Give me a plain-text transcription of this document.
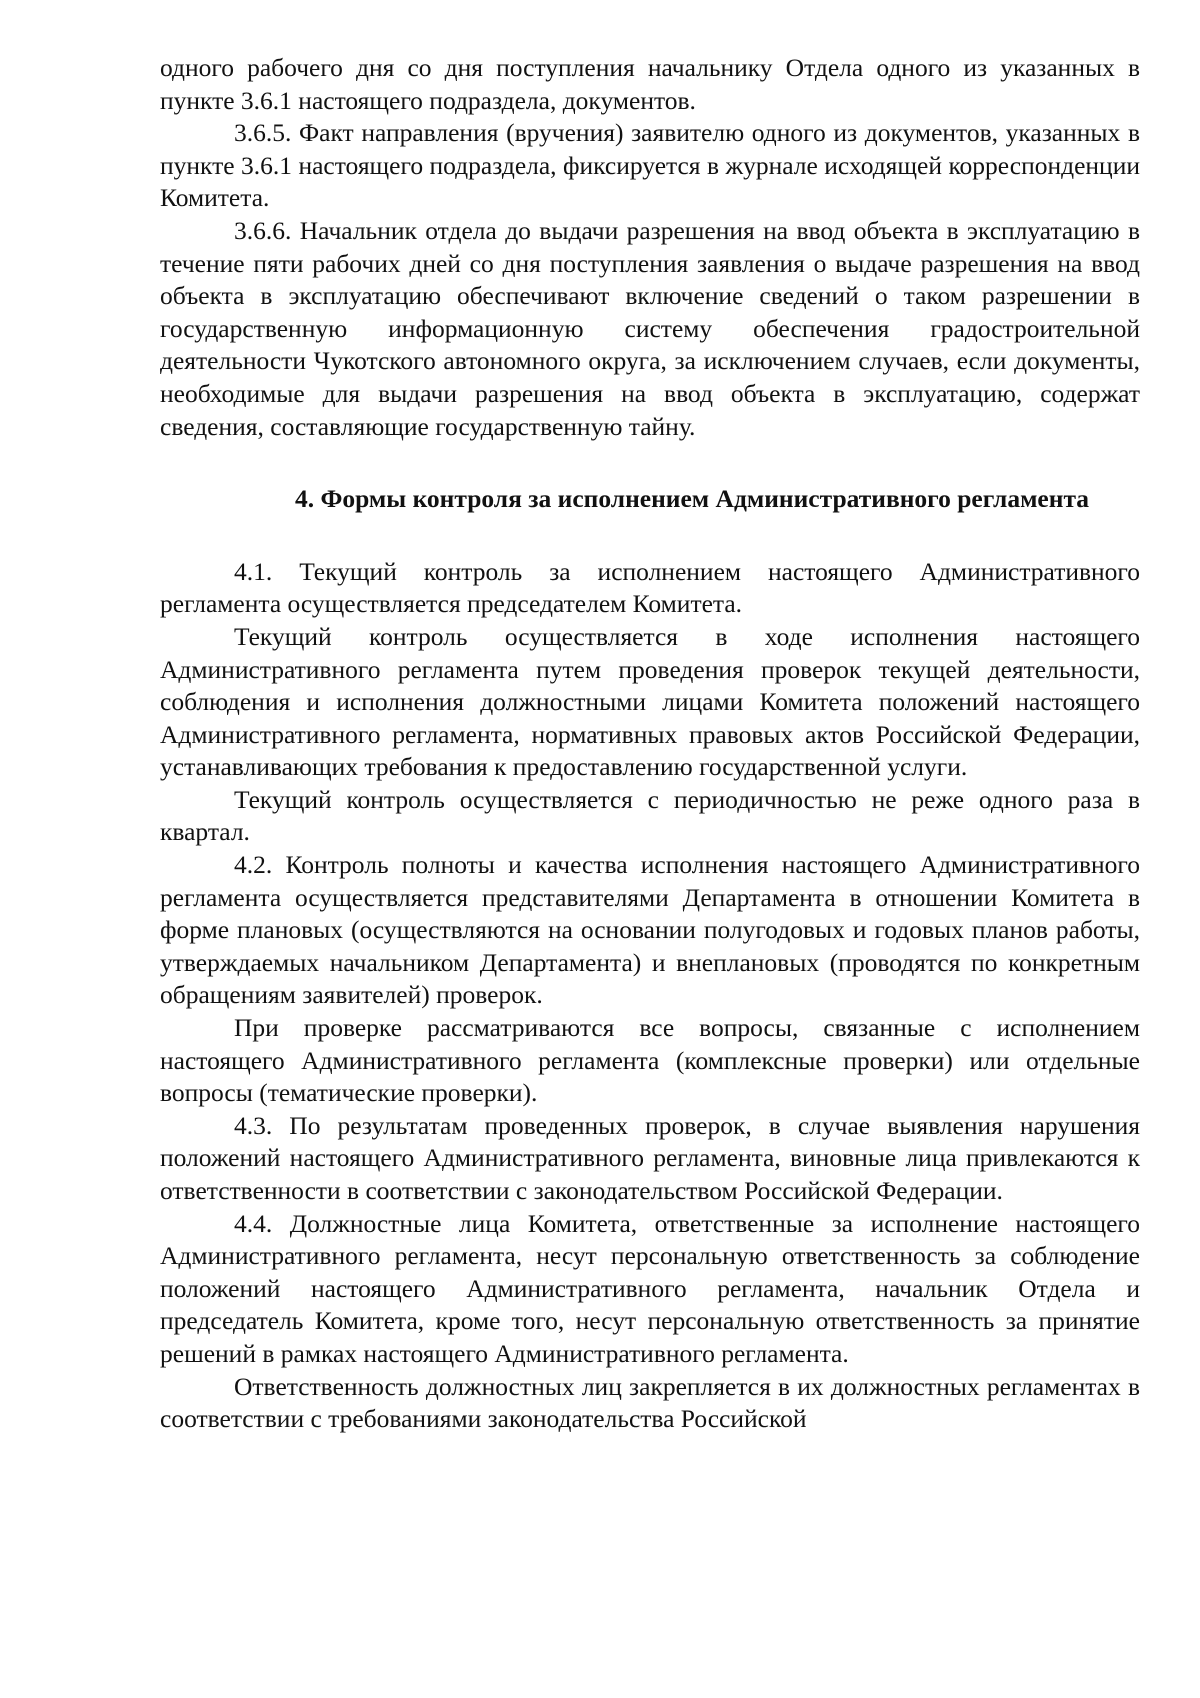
одного рабочего дня со дня поступления начальнику Отдела одного из указанных в пункте 3.6.1 настоящего подраздела, документов.

3.6.5. Факт направления (вручения) заявителю одного из документов, указанных в пункте 3.6.1 настоящего подраздела, фиксируется в журнале исходящей корреспонденции Комитета.

3.6.6. Начальник отдела до выдачи разрешения на ввод объекта в эксплуатацию в течение пяти рабочих дней со дня поступления заявления о выдаче разрешения на ввод объекта в эксплуатацию обеспечивают включение сведений о таком разрешении в государственную информационную систему обеспечения градостроительной деятельности Чукотского автономного округа, за исключением случаев, если документы, необходимые для выдачи разрешения на ввод объекта в эксплуатацию, содержат сведения, составляющие государственную тайну.

4. Формы контроля за исполнением Административного регламента

4.1. Текущий контроль за исполнением настоящего Административного регламента осуществляется председателем Комитета.

Текущий контроль осуществляется в ходе исполнения настоящего Административного регламента путем проведения проверок текущей деятельности, соблюдения и исполнения должностными лицами Комитета положений настоящего Административного регламента, нормативных правовых актов Российской Федерации, устанавливающих требования к предоставлению государственной услуги.

Текущий контроль осуществляется с периодичностью не реже одного раза в квартал.

4.2. Контроль полноты и качества исполнения настоящего Административного регламента осуществляется представителями Департамента в отношении Комитета в форме плановых (осуществляются на основании полугодовых и годовых планов работы, утверждаемых начальником Департамента) и внеплановых (проводятся по конкретным обращениям заявителей) проверок.

При проверке рассматриваются все вопросы, связанные с исполнением настоящего Административного регламента (комплексные проверки) или отдельные вопросы (тематические проверки).

4.3. По результатам проведенных проверок, в случае выявления нарушения положений настоящего Административного регламента, виновные лица привлекаются к ответственности в соответствии с законодательством Российской Федерации.

4.4. Должностные лица Комитета, ответственные за исполнение настоящего Административного регламента, несут персональную ответственность за соблюдение положений настоящего Административного регламента, начальник Отдела и председатель Комитета, кроме того, несут персональную ответственность за принятие решений в рамках настоящего Административного регламента.

Ответственность должностных лиц закрепляется в их должностных регламентах в соответствии с требованиями законодательства Российской
